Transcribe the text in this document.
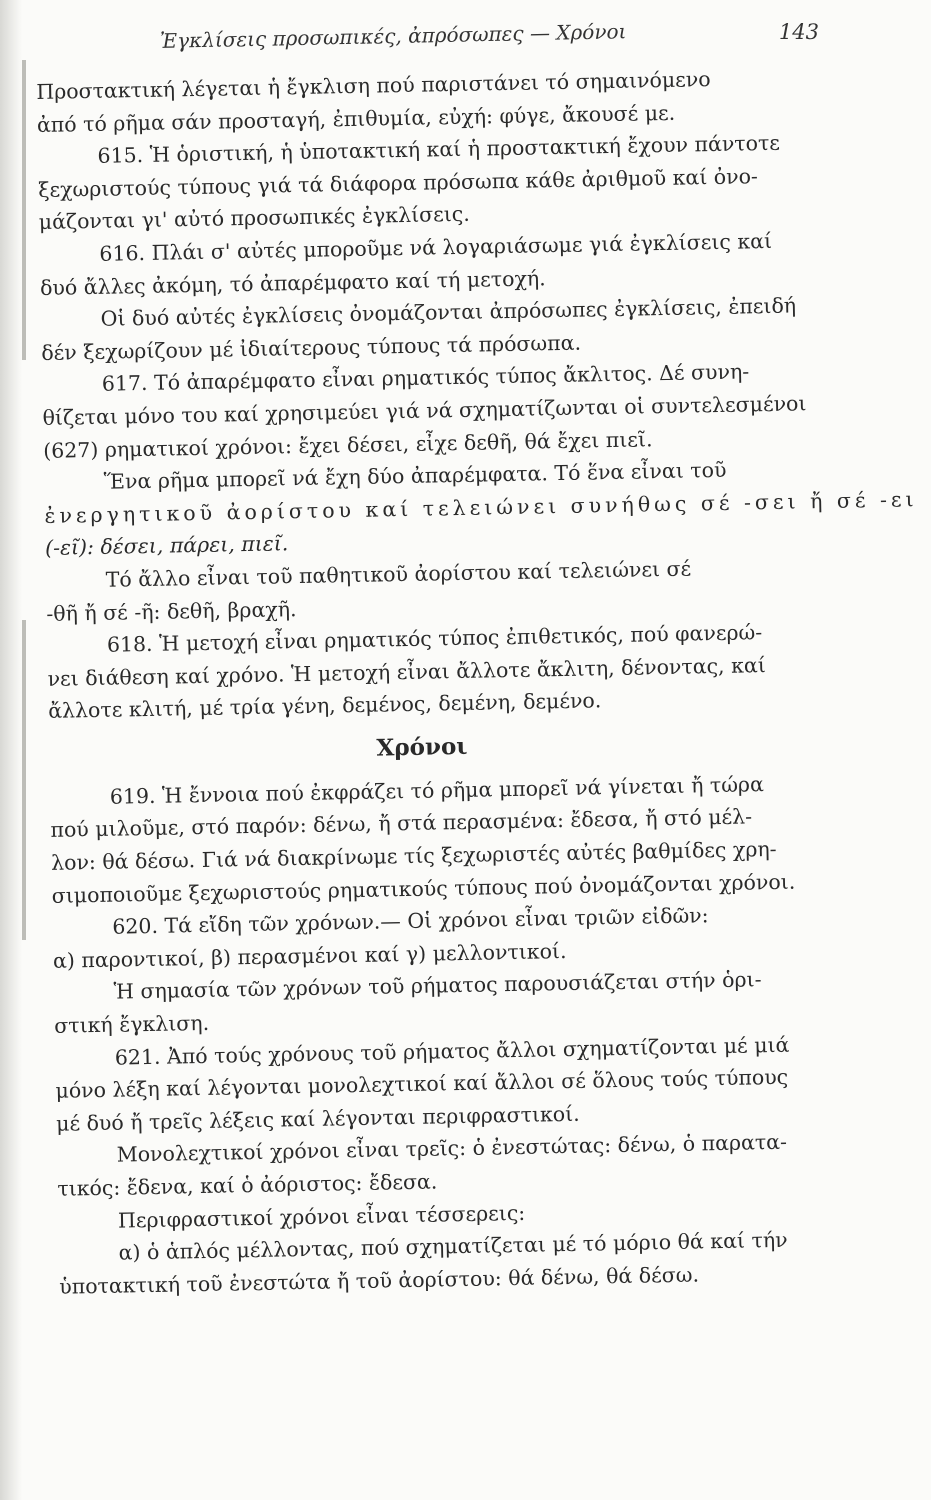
Ἐγκλίσεις προσωπικές, ἀπρόσωπες — Χρόνοι	143
Προστακτική λέγεται ἡ ἔγκλιση πού παριστάνει τό σημαινόμενο
ἀπό τό ρῆμα σάν προσταγή, ἐπιθυμία, εὐχή: φύγε, ἄκουσέ με.
615. Ἡ ὁριστική, ἡ ὑποτακτική καί ἡ προστακτική ἔχουν πάντοτε
ξεχωριστούς τύπους γιά τά διάφορα πρόσωπα κάθε ἀριθμοῦ καί ὀνο-
μάζονται γι' αὐτό προσωπικές ἐγκλίσεις.
616. Πλάι σ' αὐτές μποροῦμε νά λογαριάσωμε γιά ἐγκλίσεις καί
δυό ἄλλες ἀκόμη, τό ἀπαρέμφατο καί τή μετοχή.
Οἱ δυό αὐτές ἐγκλίσεις ὀνομάζονται ἀπρόσωπες ἐγκλίσεις, ἐπειδή
δέν ξεχωρίζουν μέ ἰδιαίτερους τύπους τά πρόσωπα.
617. Τό ἀπαρέμφατο εἶναι ρηματικός τύπος ἄκλιτος. Δέ συνη-
θίζεται μόνο του καί χρησιμεύει γιά νά σχηματίζωνται οἱ συντελεσμένοι
(627) ρηματικοί χρόνοι: ἔχει δέσει, εἶχε δεθῆ, θά ἔχει πιεῖ.
Ἕνα ρῆμα μπορεῖ νά ἔχη δύο ἀπαρέμφατα. Τό ἕνα εἶναι τοῦ
ἐνεργητικοῦ ἀορίστου καί τελειώνει συνήθως σέ -σει ἤ σέ -ει
(-εῖ): δέσει, πάρει, πιεῖ.
Τό ἄλλο εἶναι τοῦ παθητικοῦ ἀορίστου καί τελειώνει σέ
-θῆ ἤ σέ -ῆ: δεθῆ, βραχῆ.
618. Ἡ μετοχή εἶναι ρηματικός τύπος ἐπιθετικός, πού φανερώ-
νει διάθεση καί χρόνο. Ἡ μετοχή εἶναι ἄλλοτε ἄκλιτη, δένοντας, καί
ἄλλοτε κλιτή, μέ τρία γένη, δεμένος, δεμένη, δεμένο.
Χρόνοι
619. Ἡ ἔννοια πού ἐκφράζει τό ρῆμα μπορεῖ νά γίνεται ἤ τώρα
πού μιλοῦμε, στό παρόν: δένω, ἤ στά περασμένα: ἔδεσα, ἤ στό μέλ-
λον: θά δέσω. Γιά νά διακρίνωμε τίς ξεχωριστές αὐτές βαθμίδες χρη-
σιμοποιοῦμε ξεχωριστούς ρηματικούς τύπους πού ὀνομάζονται χρόνοι.
620. Τά εἴδη τῶν χρόνων.— Οἱ χρόνοι εἶναι τριῶν εἰδῶν:
α) παροντικοί, β) περασμένοι καί γ) μελλοντικοί.
Ἡ σημασία τῶν χρόνων τοῦ ρήματος παρουσιάζεται στήν ὁρι-
στική ἔγκλιση.
621. Ἀπό τούς χρόνους τοῦ ρήματος ἄλλοι σχηματίζονται μέ μιά
μόνο λέξη καί λέγονται μονολεχτικοί καί ἄλλοι σέ ὅλους τούς τύπους
μέ δυό ἤ τρεῖς λέξεις καί λέγονται περιφραστικοί.
Μονολεχτικοί χρόνοι εἶναι τρεῖς: ὁ ἐνεστώτας: δένω, ὁ παρατα-
τικός: ἔδενα, καί ὁ ἀόριστος: ἔδεσα.
Περιφραστικοί χρόνοι εἶναι τέσσερεις:
α) ὁ ἁπλός μέλλοντας, πού σχηματίζεται μέ τό μόριο θά καί τήν
ὑποτακτική τοῦ ἐνεστώτα ἤ τοῦ ἀορίστου: θά δένω, θά δέσω.
